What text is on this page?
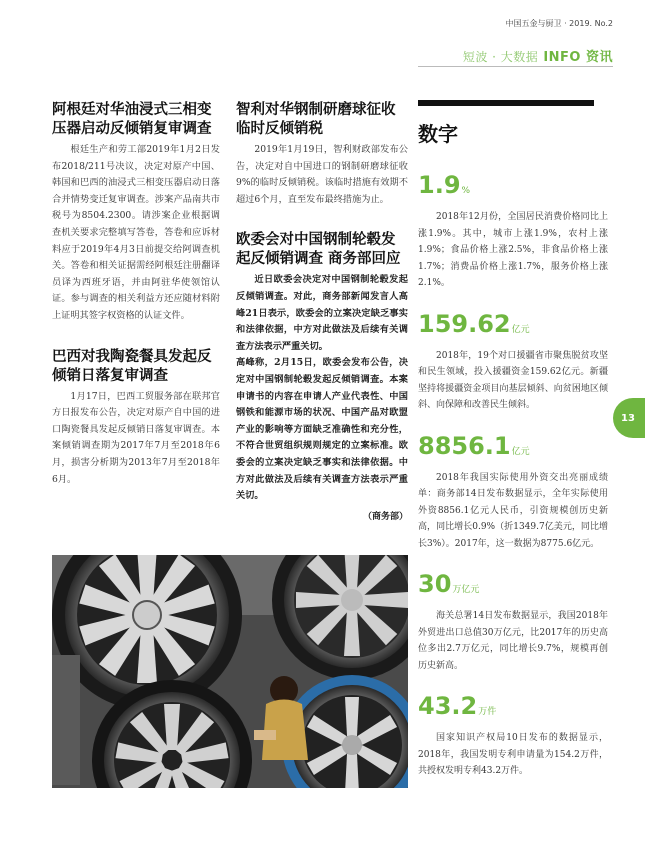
中国五金与厨卫 · 2019. No.2
短波 · 大数据 INFO 资讯
阿根廷对华油浸式三相变压器启动反倾销复审调查

根廷生产和劳工部2019年1月2日发布2018/211号决议，决定对原产中国、韩国和巴西的油浸式三相变压器启动日落合并情势变迁复审调查。涉案产品南共市税号为8504.2300。请涉案企业根据调查机关要求完整填写答卷，答卷和应诉材料应于2019年4月3日前提交给阿调查机关。答卷和相关证据需经阿根廷注册翻译员译为西班牙语，并由阿驻华使领馆认证。参与调查的相关利益方还应随材料附上证明其签字权资格的认证文件。

巴西对我陶瓷餐具发起反倾销日落复审调查

1月17日，巴西工贸服务部在联邦官方日报发布公告，决定对原产自中国的进口陶瓷餐具发起反倾销日落复审调查。本案倾销调查期为2017年7月至2018年6月，损害分析期为2013年7月至2018年6月。

智利对华钢制研磨球征收临时反倾销税

2019年1月19日，智利财政部发布公告，决定对自中国进口的钢制研磨球征收9%的临时反倾销税。该临时措施有效期不超过6个月，直至发布最终措施为止。

欧委会对中国钢制轮毂发起反倾销调查 商务部回应

近日欧委会决定对中国钢制轮毂发起反倾销调查。对此，商务部新闻发言人高峰21日表示，欧委会的立案决定缺乏事实和法律依据，中方对此做法及后续有关调查方法表示严重关切。

高峰称，2月15日，欧委会发布公告，决定对中国钢制轮毂发起反倾销调查。本案申请书的内容在申请人产业代表性、中国钢铁和能源市场的状况、中国产品对欧盟产业的影响等方面缺乏准确性和充分性，不符合世贸组织规则规定的立案标准。欧委会的立案决定缺乏事实和法律依据。中方对此做法及后续有关调查方法表示严重关切。

（商务部）
数字
1.9%

2018年12月份，全国居民消费价格同比上涨1.9%。其中，城市上涨1.9%，农村上涨1.9%；食品价格上涨2.5%，非食品价格上涨1.7%；消费品价格上涨1.7%，服务价格上涨2.1%。

159.62亿元

2018年，19个对口援疆省市聚焦脱贫攻坚和民生领域，投入援疆资金159.62亿元。新疆坚持将援疆资金项目向基层倾斜、向贫困地区倾斜、向保障和改善民生倾斜。

8856.1亿元

2018年我国实际使用外资交出亮丽成绩单：商务部14日发布数据显示，全年实际使用外资8856.1亿元人民币，引资规模创历史新高，同比增长0.9%（折1349.7亿美元，同比增长3%）。2017年，这一数据为8775.6亿元。

30万亿元

海关总署14日发布数据显示，我国2018年外贸进出口总值30万亿元，比2017年的历史高位多出2.7万亿元，同比增长9.7%，规模再创历史新高。

43.2万件

国家知识产权局10日发布的数据显示，2018年，我国发明专利申请量为154.2万件，共授权发明专利43.2万件。

13
